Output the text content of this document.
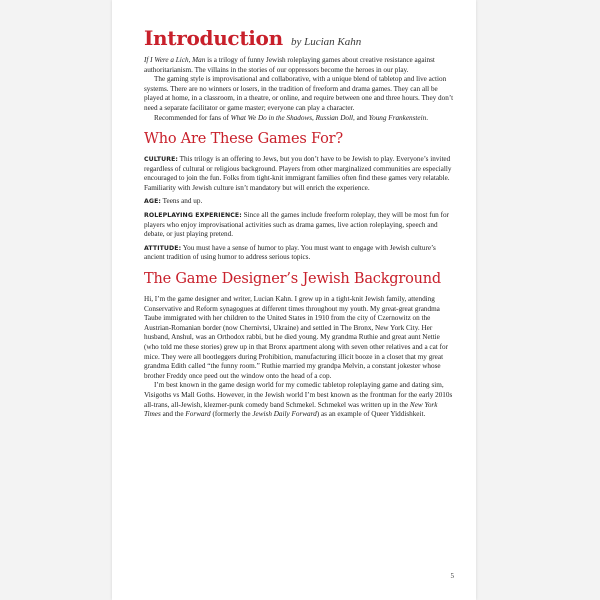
Introduction by Lucian Kahn

If I Were a Lich, Man is a trilogy of funny Jewish roleplaying games about creative resistance against authoritarianism. The villains in the stories of our oppressors become the heroes in our play.

The gaming style is improvisational and collaborative, with a unique blend of tabletop and live action systems. There are no winners or losers, in the tradition of freeform and drama games. They can all be played at home, in a classroom, in a theatre, or online, and require between one and three hours. They don’t need a separate facilitator or game master; everyone can play a character.

Recommended for fans of What We Do in the Shadows, Russian Doll, and Young Frankenstein.

Who Are These Games For?

CULTURE: This trilogy is an offering to Jews, but you don’t have to be Jewish to play. Everyone’s invited regardless of cultural or religious background. Players from other marginalized communities are especially encouraged to join the fun. Folks from tight-knit immigrant families often find these games very relatable. Familiarity with Jewish culture isn’t mandatory but will enrich the experience.

AGE: Teens and up.

ROLEPLAYING EXPERIENCE: Since all the games include freeform roleplay, they will be most fun for players who enjoy improvisational activities such as drama games, live action roleplaying, speech and debate, or just playing pretend.

ATTITUDE: You must have a sense of humor to play. You must want to engage with Jewish culture’s ancient tradition of using humor to address serious topics.

The Game Designer’s Jewish Background

Hi, I’m the game designer and writer, Lucian Kahn. I grew up in a tight-knit Jewish family, attending Conservative and Reform synagogues at different times throughout my youth. My great-great grandma Taube immigrated with her children to the United States in 1910 from the city of Czernowitz on the Austrian-Romanian border (now Chernivtsi, Ukraine) and settled in The Bronx, New York City. Her husband, Anshul, was an Orthodox rabbi, but he died young. My grandma Ruthie and great aunt Nettie (who told me these stories) grew up in that Bronx apartment along with seven other relatives and a cat for mice. They were all bootleggers during Prohibition, manufacturing illicit booze in a closet that my great grandma Edith called “the funny room.” Ruthie married my grandpa Melvin, a constant jokester whose brother Freddy once peed out the window onto the head of a cop.

I’m best known in the game design world for my comedic tabletop roleplaying game and dating sim, Visigoths vs Mall Goths. However, in the Jewish world I’m best known as the frontman for the early 2010s all-trans, all-Jewish, klezmer-punk comedy band Schmekel. Schmekel was written up in the New York Times and the Forward (formerly the Jewish Daily Forward) as an example of Queer Yiddishkeit.

5
